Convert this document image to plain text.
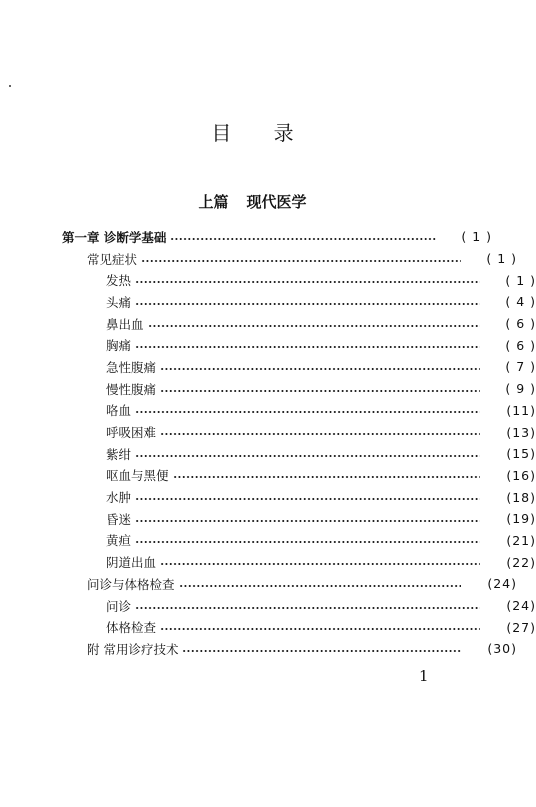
目 录
上篇 现代医学
第一章 诊断学基础	( 1 )
常见症状	( 1 )
发热	( 1 )
头痛	( 4 )
鼻出血	( 6 )
胸痛	( 6 )
急性腹痛	( 7 )
慢性腹痛	( 9 )
咯血	(11)
呼吸困难	(13)
紫绀	(15)
呕血与黑便	(16)
水肿	(18)
昏迷	(19)
黄疸	(21)
阴道出血	(22)
问诊与体格检查	(24)
问诊	(24)
体格检查	(27)
附 常用诊疗技术	(30)
1
